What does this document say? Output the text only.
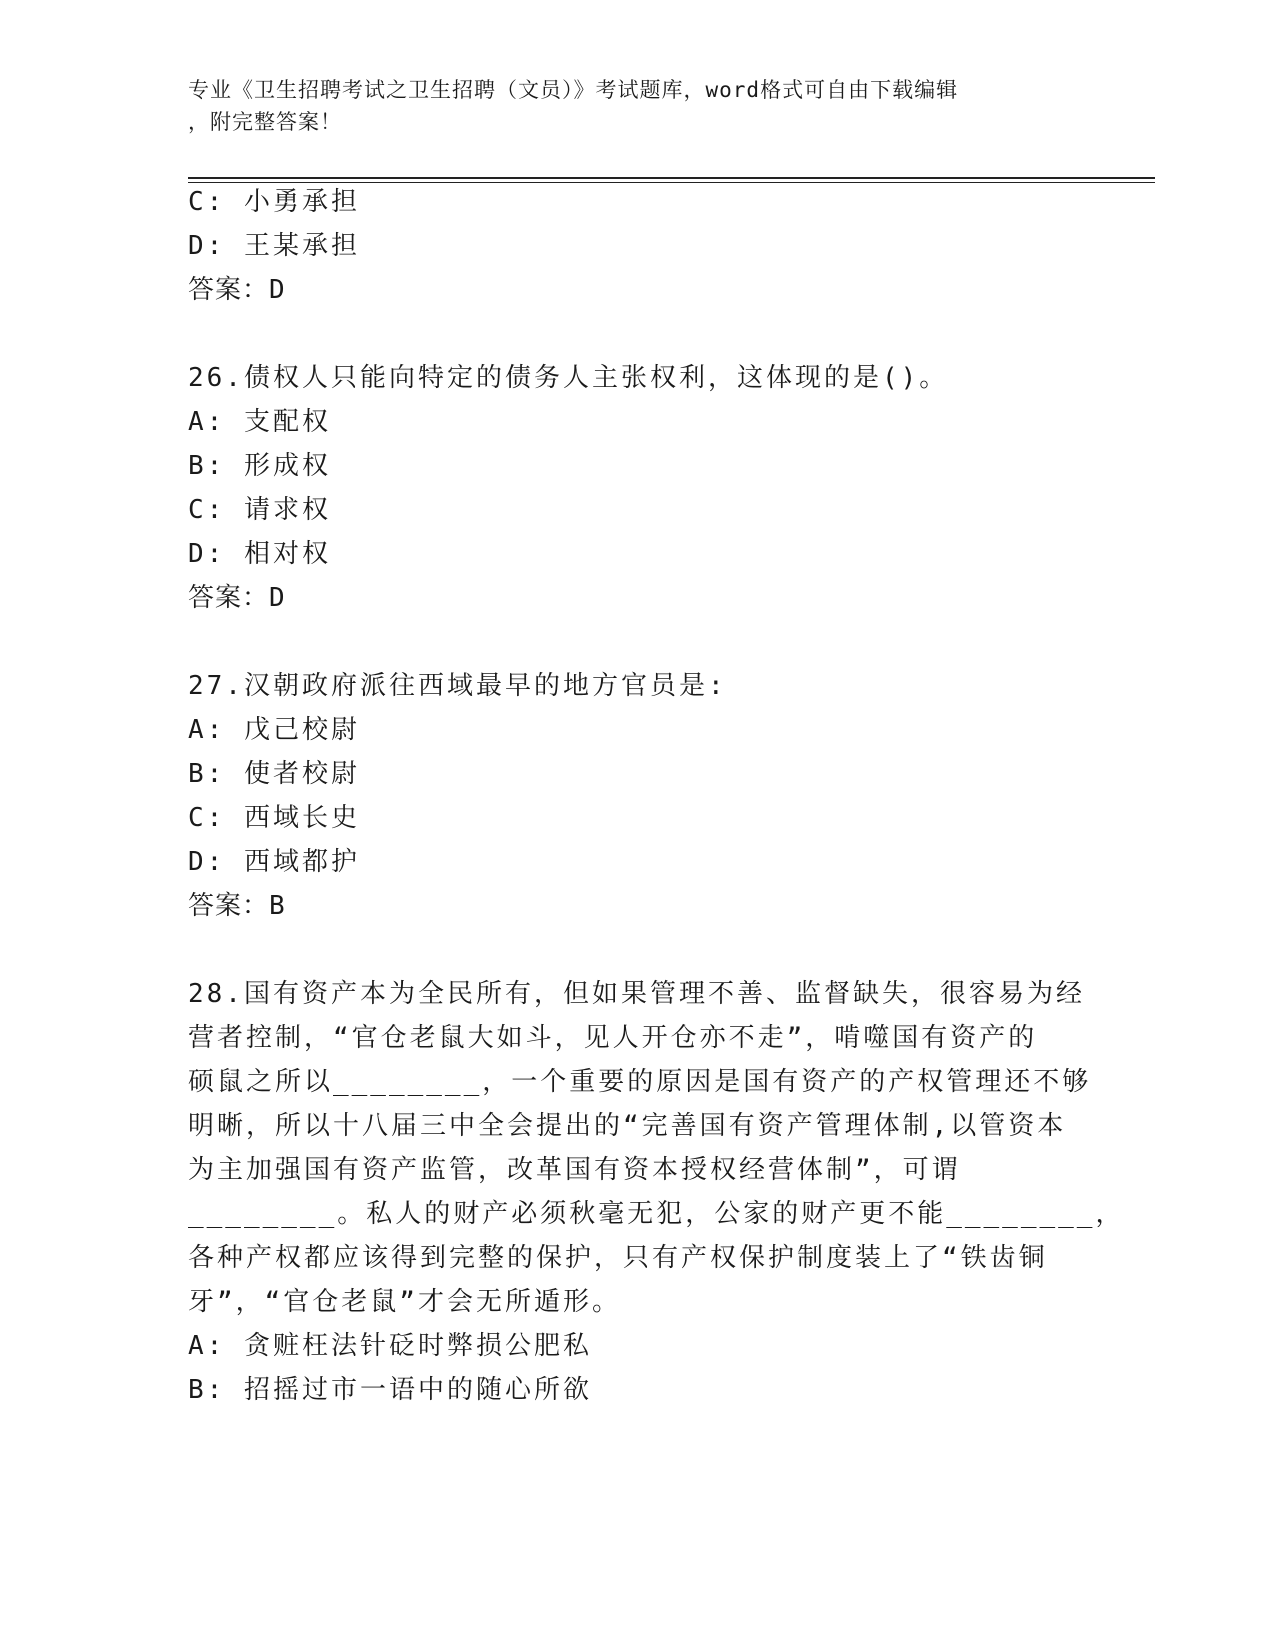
专业《卫生招聘考试之卫生招聘（文员）》考试题库，word格式可自由下载编辑
，附完整答案！
C: 小勇承担
D: 王某承担
答案：D
26.债权人只能向特定的债务人主张权利，这体现的是()。
A: 支配权
B: 形成权
C: 请求权
D: 相对权
答案：D
27.汉朝政府派往西域最早的地方官员是:
A: 戊己校尉
B: 使者校尉
C: 西域长史
D: 西域都护
答案：B
28.国有资产本为全民所有，但如果管理不善、监督缺失，很容易为经
营者控制，“官仓老鼠大如斗，见人开仓亦不走”，啃噬国有资产的
硕鼠之所以________，一个重要的原因是国有资产的产权管理还不够
明晰，所以十八届三中全会提出的“完善国有资产管理体制,以管资本
为主加强国有资产监管，改革国有资本授权经营体制”，可谓
________。私人的财产必须秋毫无犯，公家的财产更不能________，
各种产权都应该得到完整的保护，只有产权保护制度装上了“铁齿铜
牙”，“官仓老鼠”才会无所遁形。
A: 贪赃枉法针砭时弊损公肥私
B: 招摇过市一语中的随心所欲
